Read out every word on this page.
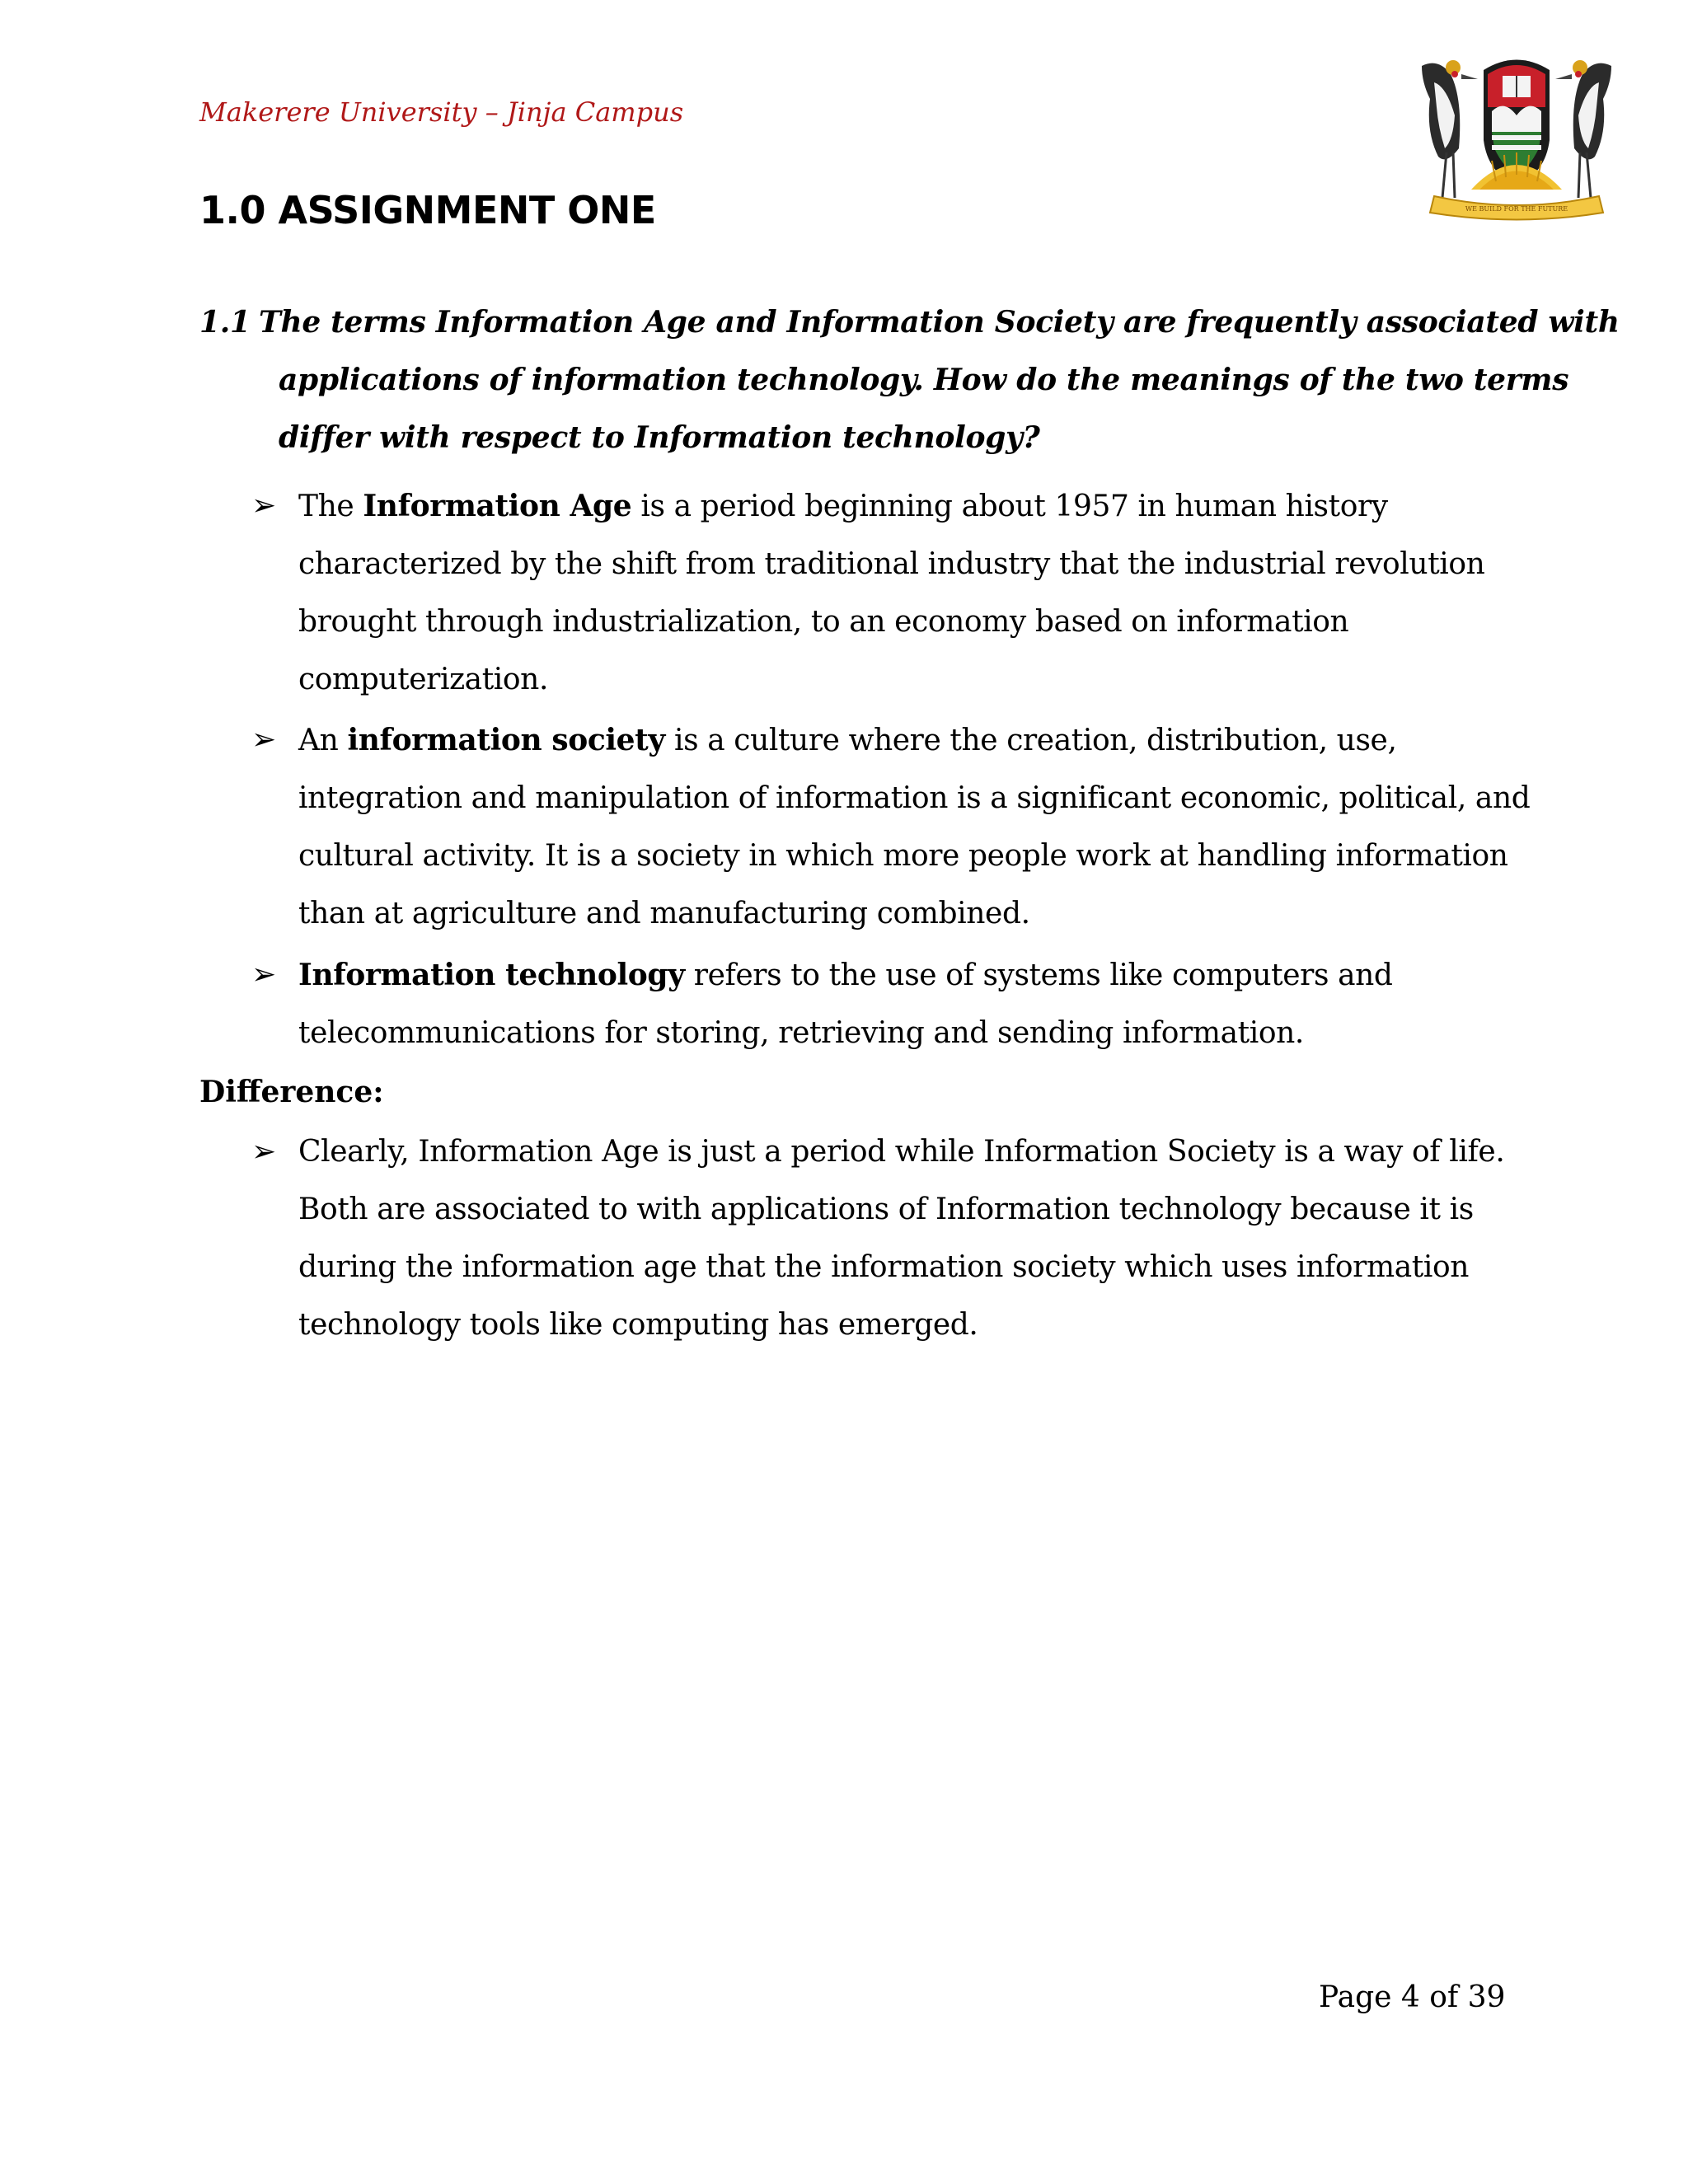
Makerere University – Jinja Campus
WE BUILD FOR THE FUTURE
1.0 ASSIGNMENT ONE
1.1 The terms Information Age and Information Society are frequently associated with
applications of information technology. How do the meanings of the two terms
differ with respect to Information technology?
➢ The Information Age is a period beginning about 1957 in human history
characterized by the shift from traditional industry that the industrial revolution
brought through industrialization, to an economy based on information
computerization.
➢ An information society is a culture where the creation, distribution, use,
integration and manipulation of information is a significant economic, political, and
cultural activity. It is a society in which more people work at handling information
than at agriculture and manufacturing combined.
➢ Information technology refers to the use of systems like computers and
telecommunications for storing, retrieving and sending information.
Difference:
➢ Clearly, Information Age is just a period while Information Society is a way of life.
Both are associated to with applications of Information technology because it is
during the information age that the information society which uses information
technology tools like computing has emerged.
Page 4 of 39
